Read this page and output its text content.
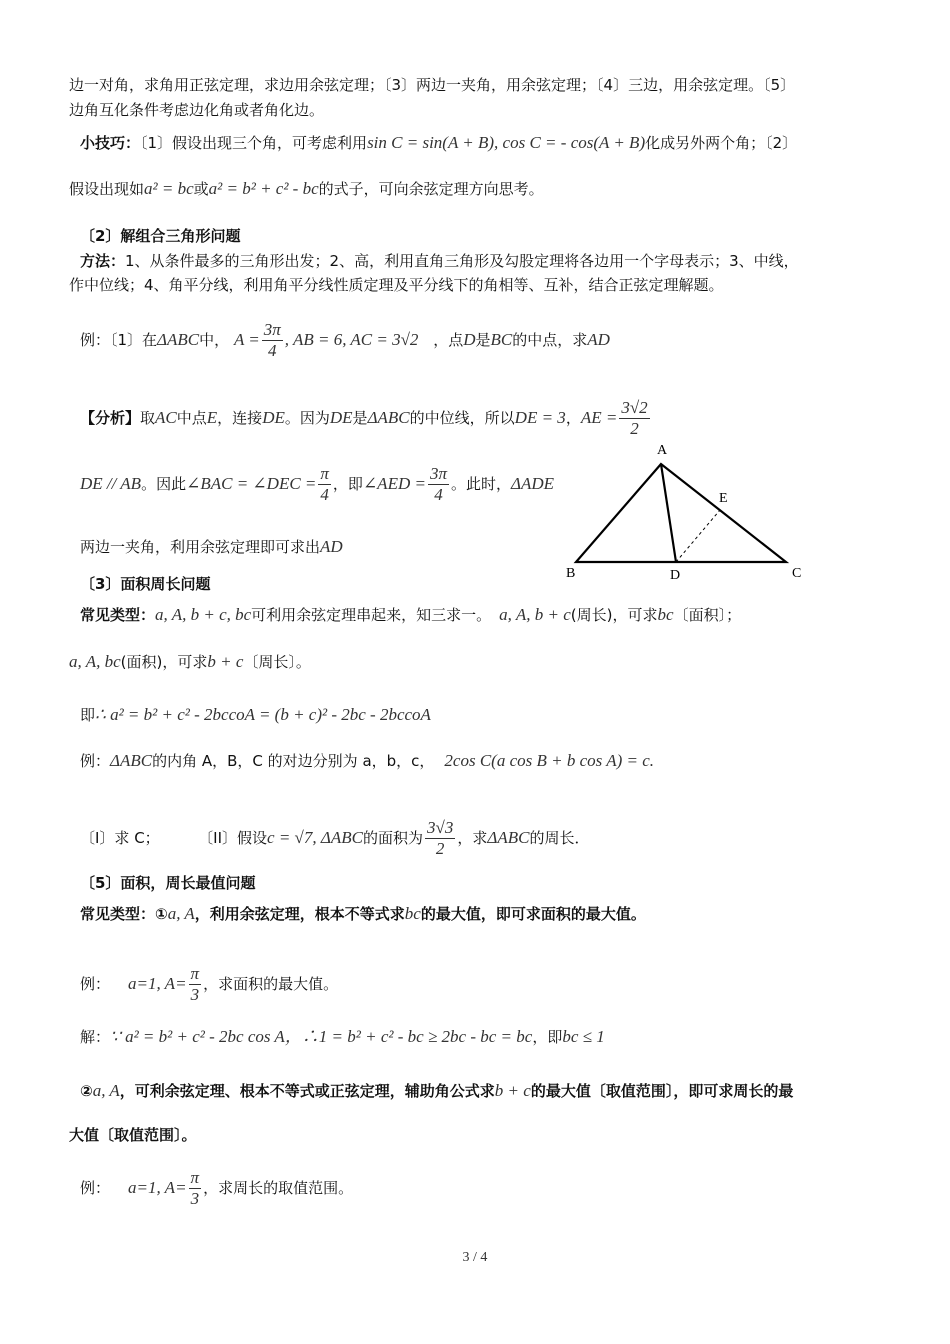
边一对角，求角用正弦定理，求边用余弦定理；〔3〕两边一夹角，用余弦定理；〔4〕三边，用余弦定理。〔5〕
边角互化条件考虑边化角或者角化边。
小技巧：〔1〕假设出现三个角，可考虑利用sin C = sin(A + B), cos C = - cos(A + B)化成另外两个角；〔2〕
假设出现如a² = bc或a² = b² + c² - bc的式子，可向余弦定理方向思考。
〔2〕解组合三角形问题
方法：1、从条件最多的三角形出发；2、高，利用直角三角形及勾股定理将各边用一个字母表示；3、中线，
作中位线；4、角平分线，利用角平分线性质定理及平分线下的角相等、互补，结合正弦定理解题。
例：〔1〕在ΔABC中， $A = \frac{3\pi}{4}$ , AB = 6, AC = 3√2 ，点D是BC的中点，求AD
【分析】取AC中点E，连接DE。因为DE是ΔABC的中位线，所以DE = 3，AE = $\frac{3√2}{2}$
DE // AB。因此∠BAC = ∠DEC = $\frac{\pi}{4}$ ，即∠AED = $\frac{3\pi}{4}$ 。此时，ΔADE
两边一夹角，利用余弦定理即可求出AD
A
B	C
D
E
〔3〕面积周长问题
常见类型：a, A, b + c, bc可利用余弦定理串起来，知三求一。 a, A, b + c(周长)，可求bc〔面积〕；
a, A, bc(面积)，可求b + c〔周长〕。
即∴ a² = b² + c² - 2bccoA = (b + c)² - 2bc - 2bccoA
例：ΔABC的内角 A，B，C 的对边分别为 a，b，c， 2cos C(a cos B + b cos A) = c.
〔I〕求 C；	〔II〕假设c = √7, ΔABC的面积为 $\frac{3√3}{2}$ ，求ΔABC的周长．
〔5〕面积，周长最值问题
常见类型：①a, A，利用余弦定理，根本不等式求bc的最大值，即可求面积的最大值。
例： a=1, $A= \frac{\pi}{3}$ ，求面积的最大值。
解：∵ a² = b² + c² - 2bc cos A，∴1 = b² + c² - bc ≥ 2bc - bc = bc，即bc ≤ 1
②a, A，可利余弦定理、根本不等式或正弦定理，辅助角公式求b + c的最大值〔取值范围〕，即可求周长的最
大值〔取值范围〕。
例： a=1, $A= \frac{\pi}{3}$ ，求周长的取值范围。
3 / 4
